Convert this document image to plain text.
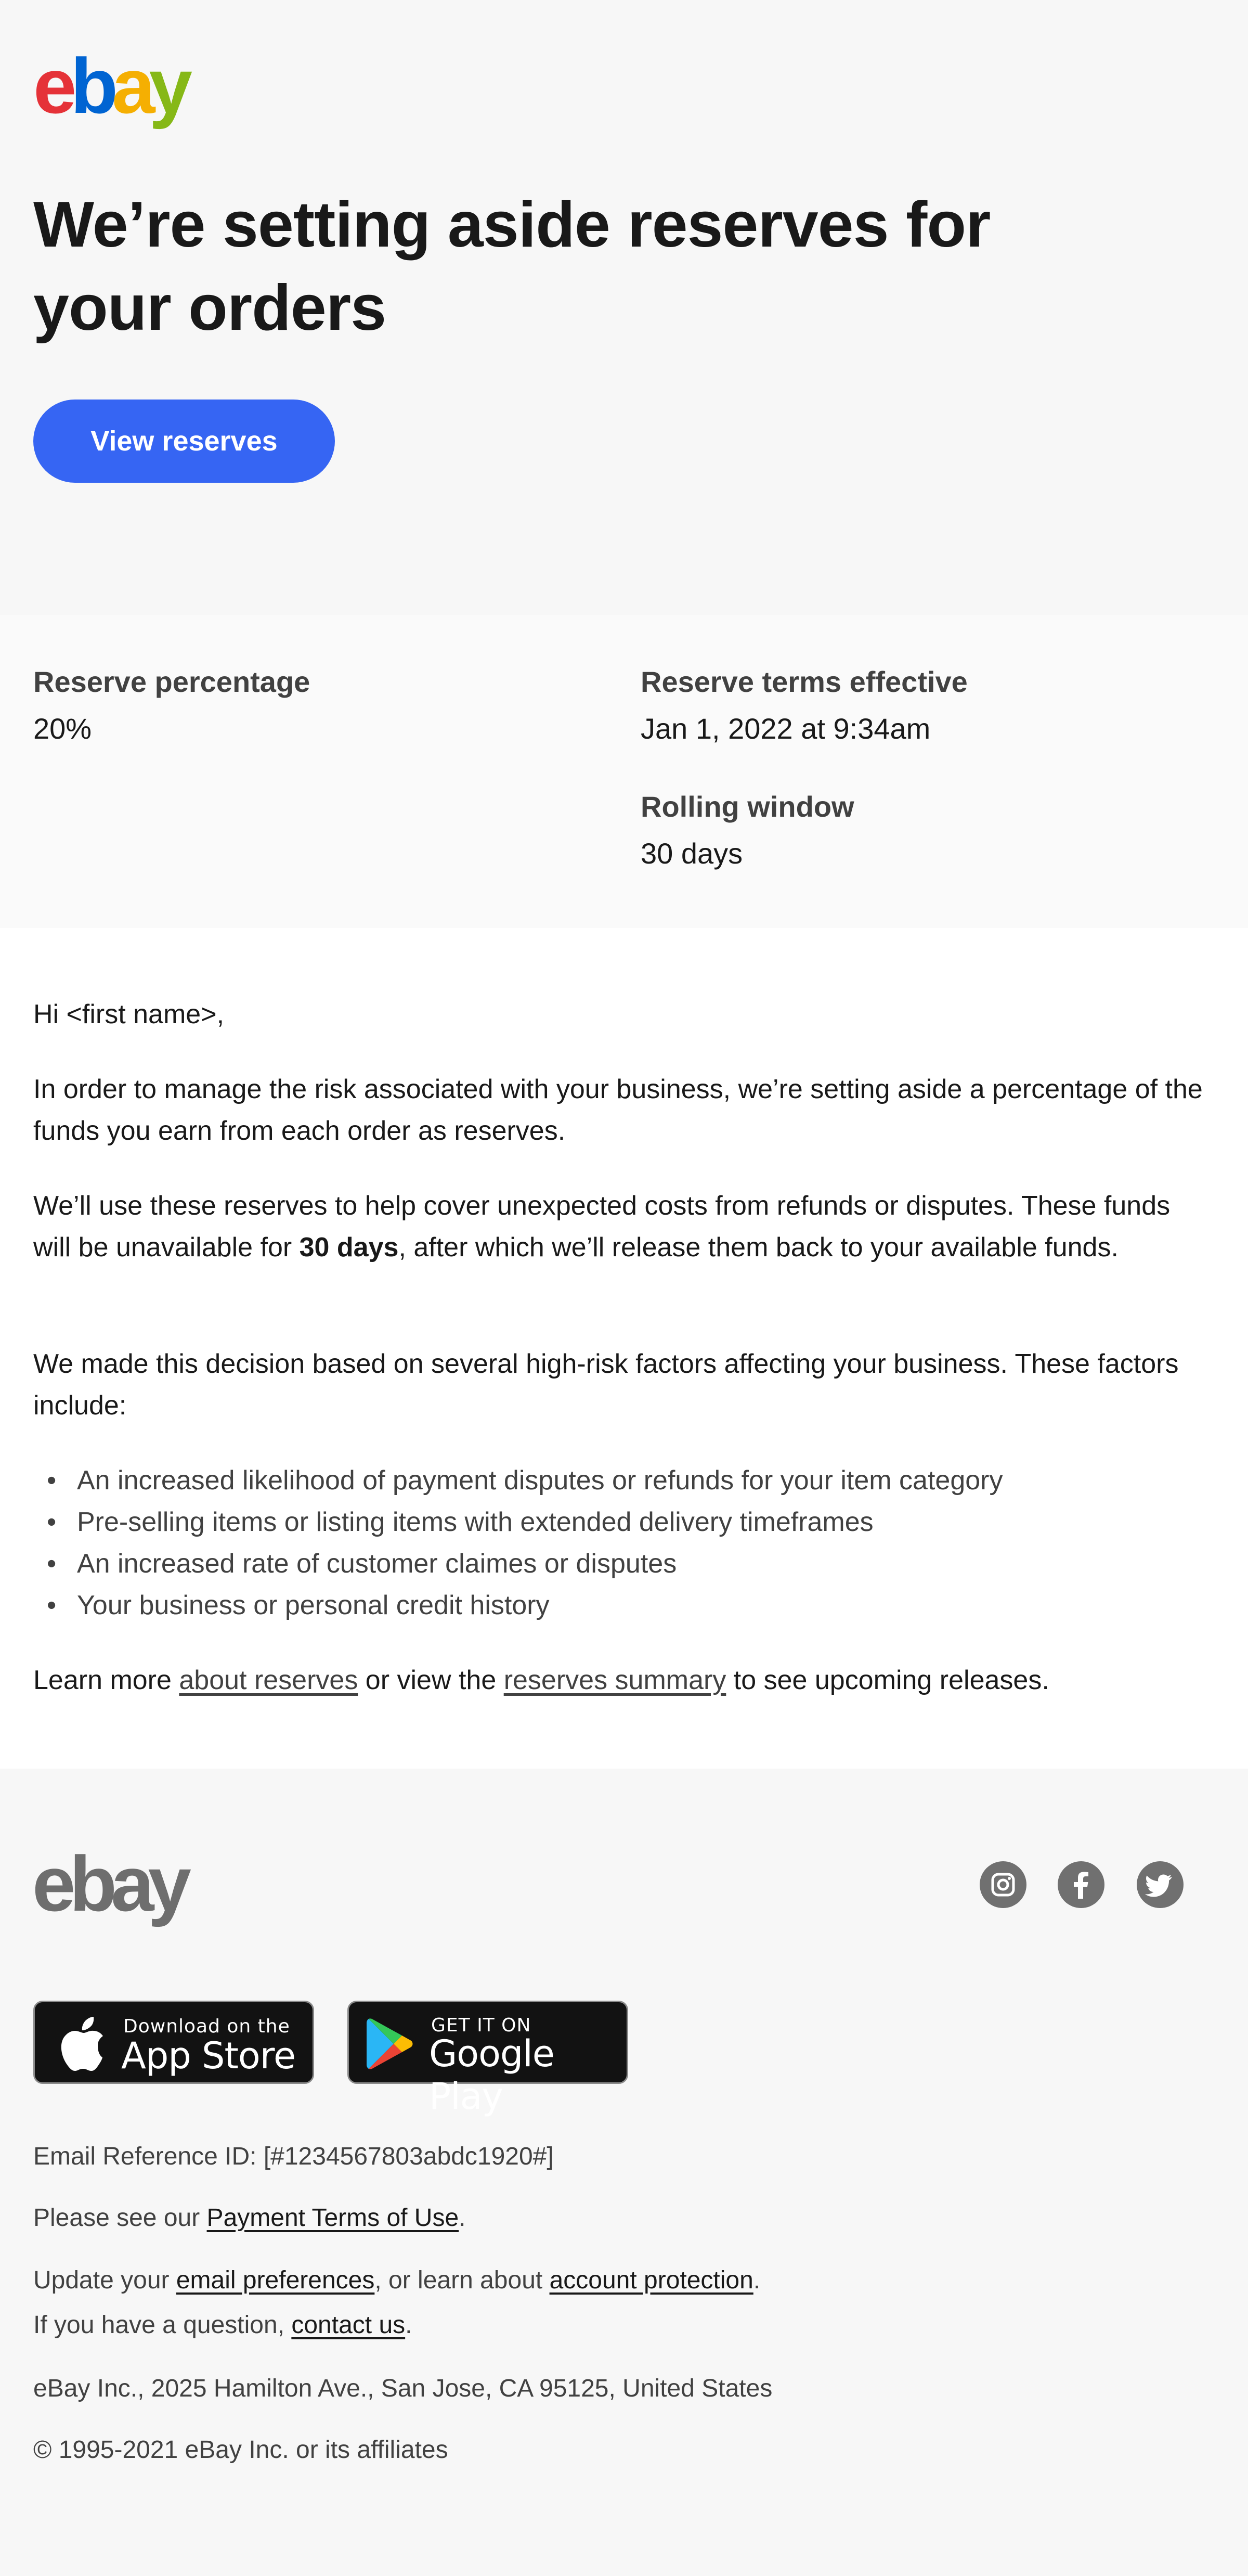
ebay
We’re setting aside reserves for
your orders
View reserves
Reserve percentage
20%
Reserve terms effective
Jan 1, 2022 at 9:34am
Rolling window
30 days

Hi <first name>,

In order to manage the risk associated with your business, we’re setting aside a percentage of the funds you earn from each order as reserves.

We’ll use these reserves to help cover unexpected costs from refunds or disputes. These funds will be unavailable for 30 days, after which we’ll release them back to your available funds.

We made this decision based on several high-risk factors affecting your business. These factors include:

• An increased likelihood of payment disputes or refunds for your item category
• Pre-selling items or listing items with extended delivery timeframes
• An increased rate of customer claimes or disputes
• Your business or personal credit history

Learn more about reserves or view the reserves summary to see upcoming releases.

ebay
Download on the
App Store
GET IT ON
Google Play

Email Reference ID: [#1234567803abdc1920#]

Please see our Payment Terms of Use.

Update your email preferences, or learn about account protection.

If you have a question, contact us.

eBay Inc., 2025 Hamilton Ave., San Jose, CA 95125, United States

© 1995-2021 eBay Inc. or its affiliates
